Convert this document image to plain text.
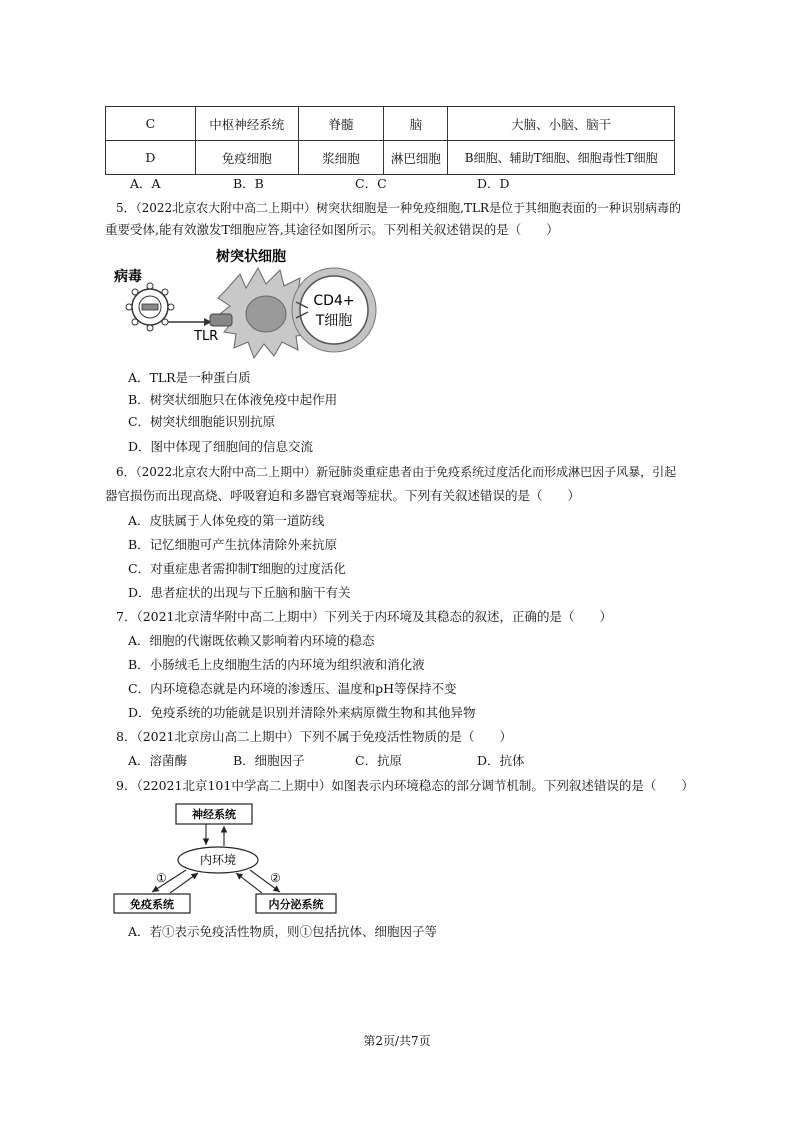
C	中枢神经系统	脊髓	脑	大脑、小脑、脑干
D	免疫细胞	浆细胞	淋巴细胞	B细胞、辅助T细胞、细胞毒性T细胞
A．A	B．B	C．C	D．D
5．（2022北京农大附中高二上期中）树突状细胞是一种免疫细胞,TLR是位于其细胞表面的一种识别病毒的
重要受体,能有效激发T细胞应答,其途径如图所示。下列相关叙述错误的是（　　）
树突状细胞
病毒
TLR
CD4+
T细胞
A．TLR是一种蛋白质
B．树突状细胞只在体液免疫中起作用
C．树突状细胞能识别抗原
D．图中体现了细胞间的信息交流
6．（2022北京农大附中高二上期中）新冠肺炎重症患者由于免疫系统过度活化而形成淋巴因子风暴，引起
器官损伤而出现高烧、呼吸窘迫和多器官衰竭等症状。下列有关叙述错误的是（　　）
A．皮肤属于人体免疫的第一道防线
B．记忆细胞可产生抗体清除外来抗原
C．对重症患者需抑制T细胞的过度活化
D．患者症状的出现与下丘脑和脑干有关
7．（2021北京清华附中高二上期中）下列关于内环境及其稳态的叙述，正确的是（　　）
A．细胞的代谢既依赖又影响着内环境的稳态
B．小肠绒毛上皮细胞生活的内环境为组织液和消化液
C．内环境稳态就是内环境的渗透压、温度和pH等保持不变
D．免疫系统的功能就是识别并清除外来病原微生物和其他异物
8．（2021北京房山高二上期中）下列不属于免疫活性物质的是（　　）
A．溶菌酶	B．细胞因子	C．抗原	D．抗体
9．（22021北京101中学高二上期中）如图表示内环境稳态的部分调节机制。下列叙述错误的是（　　）
神经系统
内环境
免疫系统	内分泌系统
①	②
A．若①表示免疫活性物质，则①包括抗体、细胞因子等
第2页/共7页
